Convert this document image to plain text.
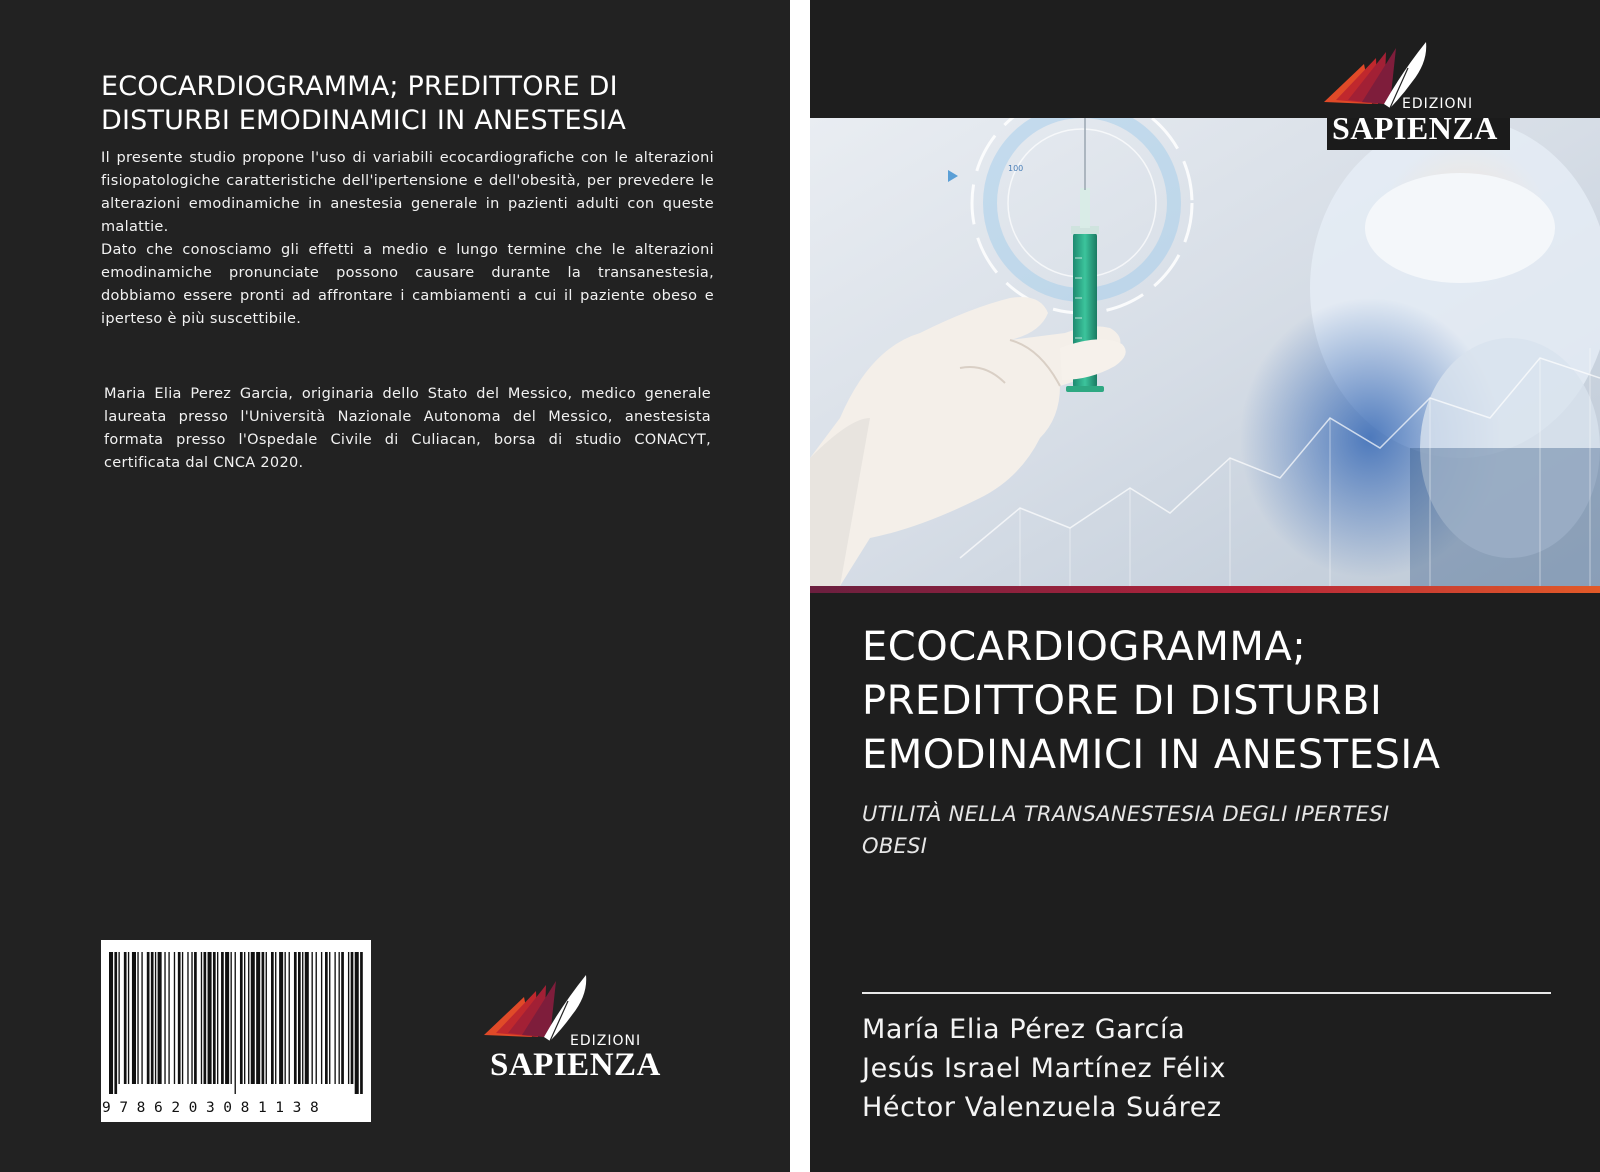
ECOCARDIOGRAMMA; PREDITTORE DI
DISTURBI EMODINAMICI IN ANESTESIA

Il presente studio propone l'uso di variabili ecocardiografiche con le alterazioni fisiopatologiche caratteristiche dell'ipertensione e dell'obesità, per prevedere le alterazioni emodinamiche in anestesia generale in pazienti adulti con queste malattie.

Dato che conosciamo gli effetti a medio e lungo termine che le alterazioni emodinamiche pronunciate possono causare durante la transanestesia, dobbiamo essere pronti ad affrontare i cambiamenti a cui il paziente obeso e iperteso è più suscettibile.

Maria Elia Perez Garcia, originaria dello Stato del Messico, medico generale laureata presso l'Università Nazionale Autonoma del Messico, anestesista formata presso l'Ospedale Civile di Culiacan, borsa di studio CONACYT, certificata dal CNCA 2020.

9786203081138
EDIZIONI
SAPIENZA
100
EDIZIONI
SAPIENZA
ECOCARDIOGRAMMA;
PREDITTORE DI DISTURBI
EMODINAMICI IN ANESTESIA

UTILITÀ NELLA TRANSANESTESIA DEGLI IPERTESI
OBESI

María Elia Pérez García
Jesús Israel Martínez Félix
Héctor Valenzuela Suárez
